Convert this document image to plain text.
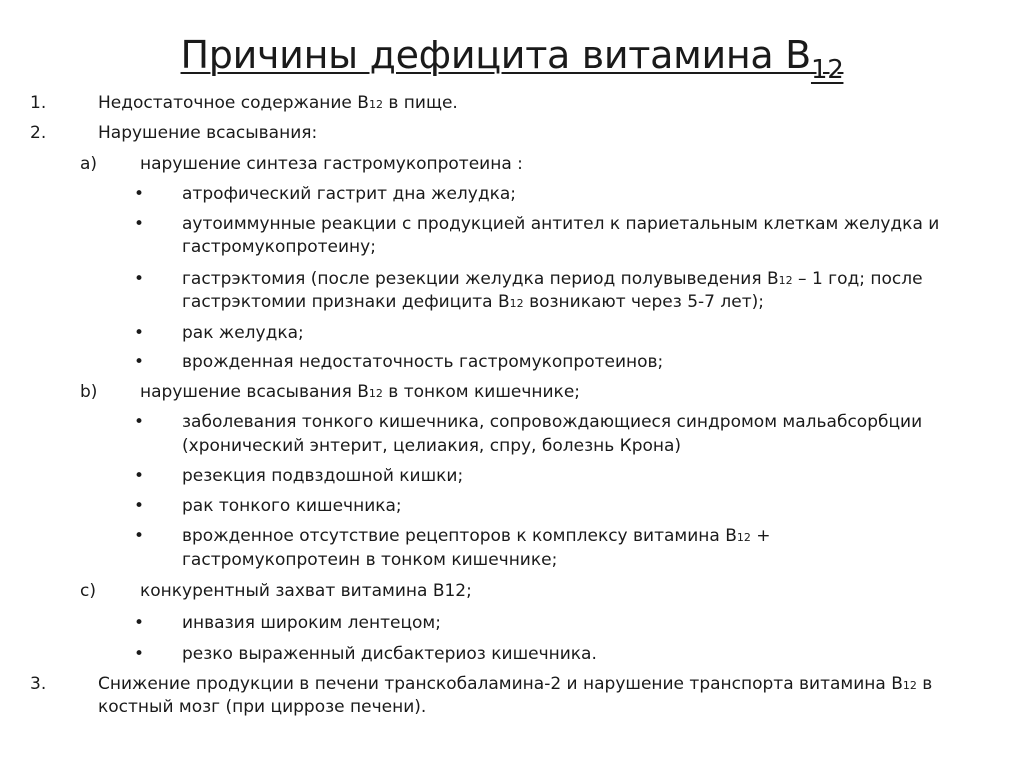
Причины дефицита витамина $B_{12}$
1.	Недостаточное содержание B12 в пище.
2.	Нарушение всасывания:
a)	нарушение синтеза гастромукопротеина :
• атрофический гастрит дна желудка;
• аутоиммунные реакции с продукцией антител к париетальным клеткам желудка и
гастромукопротеину;
• гастрэктомия (после резекции желудка период полувыведения B12 – 1 год; после
гастрэктомии признаки дефицита B12 возникают через 5-7 лет);
• рак желудка;
• врожденная недостаточность гастромукопротеинов;
b)	нарушение всасывания B12 в тонком кишечнике;
• заболевания тонкого кишечника, сопровождающиеся синдромом мальабсорбции
(хронический энтерит, целиакия, спру, болезнь Крона)
• резекция подвздошной кишки;
• рак тонкого кишечника;
• врожденное отсутствие рецепторов к комплексу витамина B12 +
гастромукопротеин в тонком кишечнике;
c)	конкурентный захват витамина B12;
• инвазия широким лентецом;
• резко выраженный дисбактериоз кишечника.
3.	Снижение продукции в печени транскобаламина-2 и нарушение транспорта витамина B12 в
костный мозг (при циррозе печени).
